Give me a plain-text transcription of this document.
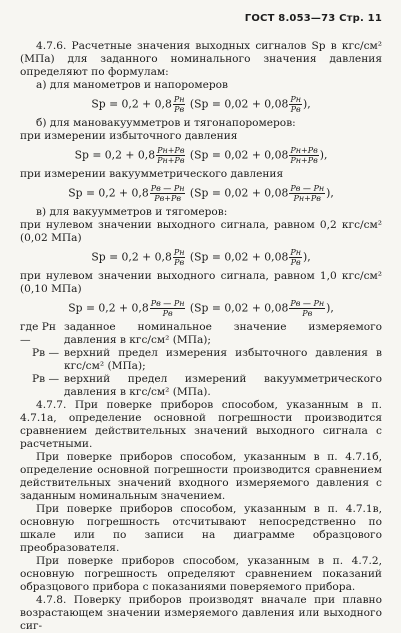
ГОСТ 8.053—73 Стр. 11

4.7.6. Расчетные значения выходных сигналов Sр в кгс/см² (МПа) для заданного номинального значения давления определяют по формулам:

а) для манометров и напоромеров

Sр = $0,2 + 0,8 \frac{Pн}{Pв} (Sр = 0,02 + 0,08 \frac{Pн}{Pв}$ ),

б) для мановакуумметров и тягонапоромеров:

при измерении избыточного давления

Sр = $0,2 + 0,8 \frac{Pн+Pв}{Pн+Pв} (Sр = 0,02 + 0,08 \frac{Pн+Pв}{Pн+Pв}$ ),

при измерении вакуумметрического давления

Sр = $0,2 + 0,8 \frac{Pв — Pн}{Pв+Pв} (Sр = 0,02 + 0,08 \frac{Pв — Pн}{Pн+Pв}$ ),

в) для вакуумметров и тягомеров:

при нулевом значении выходного сигнала, равном 0,2 кгс/см² (0,02 МПа)

Sр = $0,2 + 0,8 \frac{Pн}{Pв} (Sр = 0,02 + 0,08 \frac{Pн}{Pв}$ ),

при нулевом значении выходного сигнала, равном 1,0 кгс/см² (0,10 МПа)

Sр = $0,2 + 0,8 \frac{Pв — Pн}{Pв} (Sр = 0,02 + 0,08 \frac{Pв — Pн}{Pв}$ ),
где Pн —
заданное номинальное значение измеряемого давления в кгс/см² (МПа);
Pв — верхний предел измерения избыточного давления в кгс/см² (МПа);
Pв — верхний предел измерений вакуумметрического давления в кгс/см² (МПа).

4.7.7. При поверке приборов способом, указанным в п. 4.7.1а, определение основной погрешности производится сравнением действительных значений выходного сигнала с расчетными.

При поверке приборов способом, указанным в п. 4.7.1б, определение основной погрешности производится сравнением действительных значений входного измеряемого давления с заданным номинальным значением.

При поверке приборов способом, указанным в п. 4.7.1в, основную погрешность отсчитывают непосредственно по шкале или по записи на диаграмме образцового преобразователя.

При поверке приборов способом, указанным в п. 4.7.2, основную погрешность определяют сравнением показаний образцового прибора с показаниями поверяемого прибора.

4.7.8. Поверку приборов производят вначале при плавно возрастающем значении измеряемого давления или выходного сиг-
